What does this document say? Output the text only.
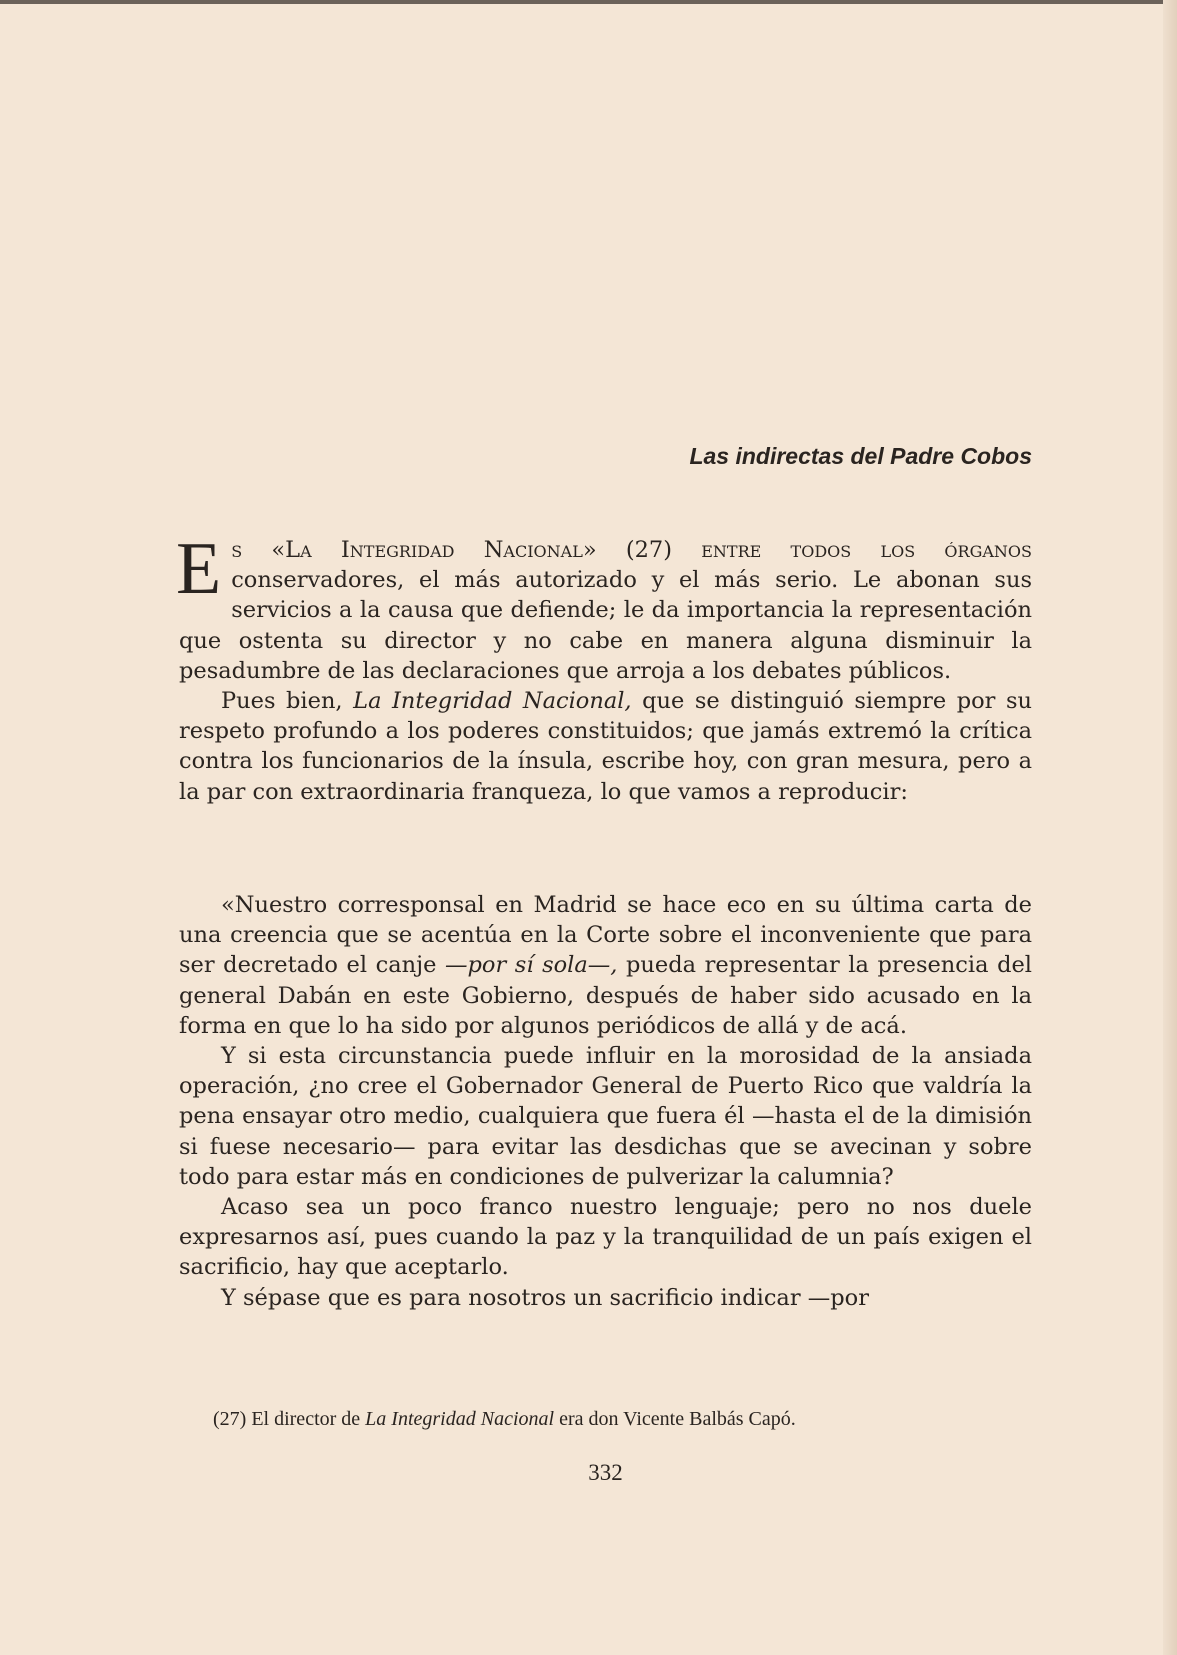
Las indirectas del Padre Cobos

Es «La Integridad Nacional» (27) entre todos los órganos conservadores, el más autorizado y el más serio. Le abonan sus servicios a la causa que defiende; le da importancia la representación que ostenta su director y no cabe en manera alguna disminuir la pesadumbre de las declaraciones que arroja a los debates públicos.

Pues bien, La Integridad Nacional, que se distinguió siempre por su respeto profundo a los poderes constituidos; que jamás extremó la crítica contra los funcionarios de la ínsula, escribe hoy, con gran mesura, pero a la par con extraordinaria franqueza, lo que vamos a reproducir:

«Nuestro corresponsal en Madrid se hace eco en su última carta de una creencia que se acentúa en la Corte sobre el inconveniente que para ser decretado el canje —por sí sola—, pueda representar la presencia del general Dabán en este Gobierno, después de haber sido acusado en la forma en que lo ha sido por algunos periódicos de allá y de acá.

Y si esta circunstancia puede influir en la morosidad de la ansiada operación, ¿no cree el Gobernador General de Puerto Rico que valdría la pena ensayar otro medio, cualquiera que fuera él —hasta el de la dimisión si fuese necesario— para evitar las desdichas que se avecinan y sobre todo para estar más en condiciones de pulverizar la calumnia?

Acaso sea un poco franco nuestro lenguaje; pero no nos duele expresarnos así, pues cuando la paz y la tranquilidad de un país exigen el sacrificio, hay que aceptarlo.

Y sépase que es para nosotros un sacrificio indicar —por

(27) El director de La Integridad Nacional era don Vicente Balbás Capó.
332
